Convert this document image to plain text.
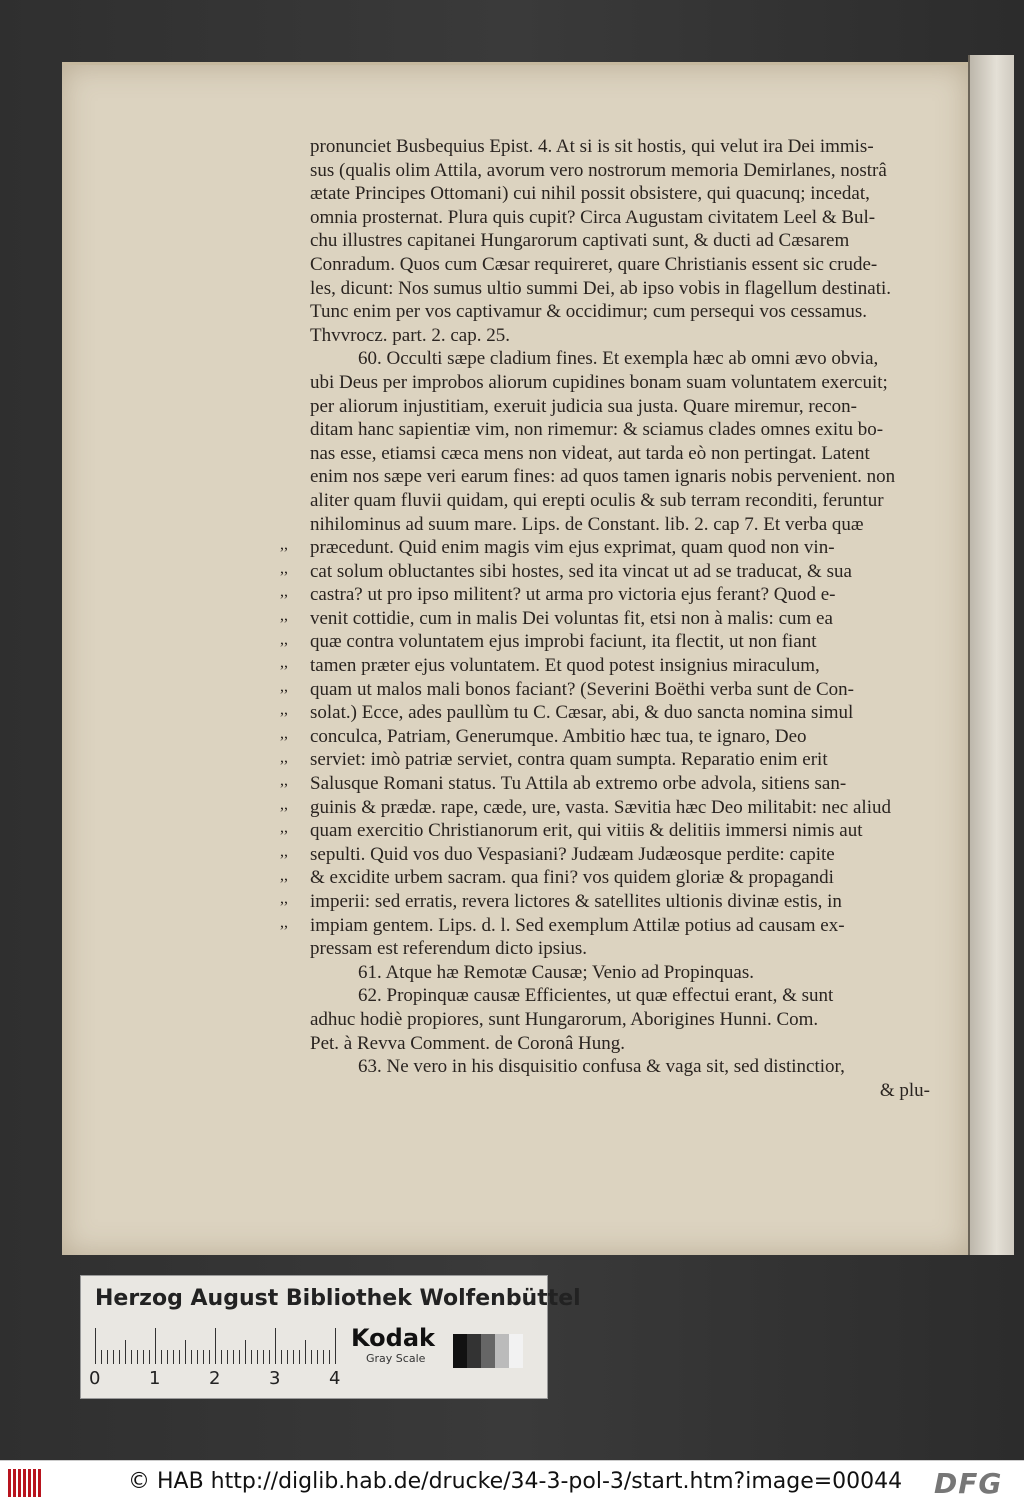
,,
,,
,,
,,
,,
,,
,,
,,
,,
,,
,,
,,
,,
,,
,,
,,
,,
pronunciet Busbequius Epist. 4. At si is sit hostis, qui velut ira Dei immis-
sus (qualis olim Attila, avorum vero nostrorum memoria Demirlanes, nostrâ
ætate Principes Ottomani) cui nihil possit obsistere, qui quacunq; incedat,
omnia prosternat. Plura quis cupit? Circa Augustam civitatem Leel & Bul-
chu illustres capitanei Hungarorum captivati sunt, & ducti ad Cæsarem
Conradum. Quos cum Cæsar requireret, quare Christianis essent sic crude-
les, dicunt: Nos sumus ultio summi Dei, ab ipso vobis in flagellum destinati.
Tunc enim per vos captivamur & occidimur; cum persequi vos cessamus.
Thvvrocz. part. 2. cap. 25.
60. Occulti sæpe cladium fines. Et exempla hæc ab omni ævo obvia,
ubi Deus per improbos aliorum cupidines bonam suam voluntatem exercuit;
per aliorum injustitiam, exeruit judicia sua justa. Quare miremur, recon-
ditam hanc sapientiæ vim, non rimemur: & sciamus clades omnes exitu bo-
nas esse, etiamsi cæca mens non videat, aut tarda eò non pertingat. Latent
enim nos sæpe veri earum fines: ad quos tamen ignaris nobis pervenient. non
aliter quam fluvii quidam, qui erepti oculis & sub terram reconditi, feruntur
nihilominus ad suum mare. Lips. de Constant. lib. 2. cap 7. Et verba quæ
præcedunt. Quid enim magis vim ejus exprimat, quam quod non vin-
cat solum obluctantes sibi hostes, sed ita vincat ut ad se traducat, & sua
castra? ut pro ipso militent? ut arma pro victoria ejus ferant? Quod e-
venit cottidie, cum in malis Dei voluntas fit, etsi non à malis: cum ea
quæ contra voluntatem ejus improbi faciunt, ita flectit, ut non fiant
tamen præter ejus voluntatem. Et quod potest insignius miraculum,
quam ut malos mali bonos faciant? (Severini Boëthi verba sunt de Con-
solat.) Ecce, ades paullùm tu C. Cæsar, abi, & duo sancta nomina simul
conculca, Patriam, Generumque. Ambitio hæc tua, te ignaro, Deo
serviet: imò patriæ serviet, contra quam sumpta. Reparatio enim erit
Salusque Romani status. Tu Attila ab extremo orbe advola, sitiens san-
guinis & prædæ. rape, cæde, ure, vasta. Sævitia hæc Deo militabit: nec aliud
quam exercitio Christianorum erit, qui vitiis & delitiis immersi nimis aut
sepulti. Quid vos duo Vespasiani? Judæam Judæosque perdite: capite
& excidite urbem sacram. qua fini? vos quidem gloriæ & propagandi
imperii: sed erratis, revera lictores & satellites ultionis divinæ estis, in
impiam gentem. Lips. d. l. Sed exemplum Attilæ potius ad causam ex-
pressam est referendum dicto ipsius.
61. Atque hæ Remotæ Causæ; Venio ad Propinquas.
62. Propinquæ causæ Efficientes, ut quæ effectui erant, & sunt
adhuc hodiè propiores, sunt Hungarorum, Aborigines Hunni. Com.
Pet. à Revva Comment. de Coronâ Hung.
63. Ne vero in his disquisitio confusa & vaga sit, sed distinctior,
& plu-
Herzog August Bibliothek Wolfenbüttel
0	1	2	3	4
Kodak
Gray Scale
© HAB http://diglib.hab.de/drucke/34-3-pol-3/start.htm?image=00044 DFG
